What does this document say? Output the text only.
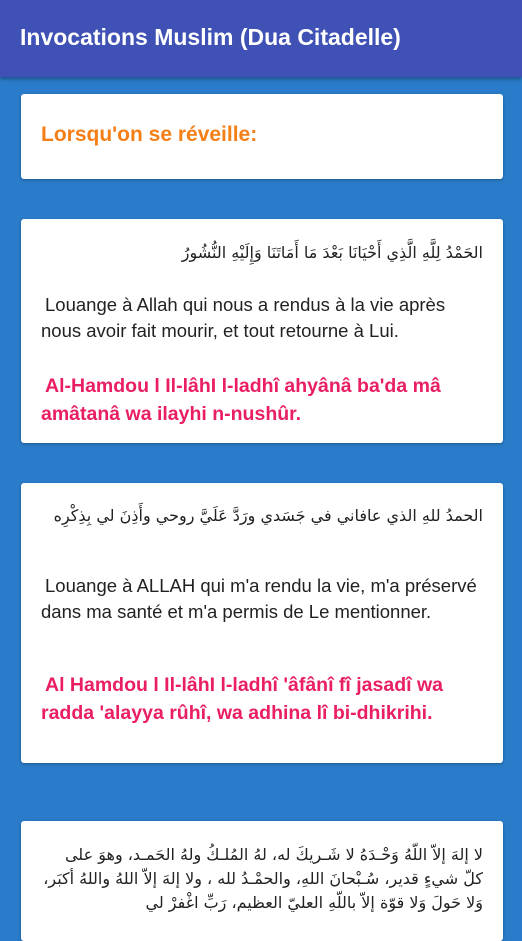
Invocations Muslim (Dua Citadelle)
Lorsqu'on se réveille:
الحَمْدُ لِلَّهِ الَّذِي أَحْيَانَا بَعْدَ مَا أَمَاتَنَا وَإِلَيْهِ النُّشُورُ
Louange à Allah qui nous a rendus à la vie après nous avoir fait mourir, et tout retourne à Lui.
Al-Hamdou l Il-lâhI l-ladhî ahyânâ ba'da mâ amâtanâ wa ilayhi n-nushûr.
الحمدُ للهِ الذي عافاني في جَسَدي ورَدَّ عَلَيَّ روحي وأَذِنَ لي بِذِكْرِه
Louange à ALLAH qui m'a rendu la vie, m'a préservé dans ma santé et m'a permis de Le mentionner.
Al Hamdou l Il-lâhI l-ladhî 'âfânî fî jasadî wa radda 'alayya rûhî, wa adhina lî bi-dhikrihi.
لا إلهَ إلاّ اللّهُ وَحْـدَهُ لا شَـريكَ له، لهُ المُلـكُ ولهُ الحَمـد، وهوَ على كلّ شيءٍ قدير، سُـبْحانَ اللهِ، والحمْـدُ لله ، ولا إلهَ إلاّ اللهُ واللهُ أكبَر، وَلا حَولَ وَلا قوّة إلاّ باللّهِ العليّ العظيم، رَبِّ اغْفرْ لي
